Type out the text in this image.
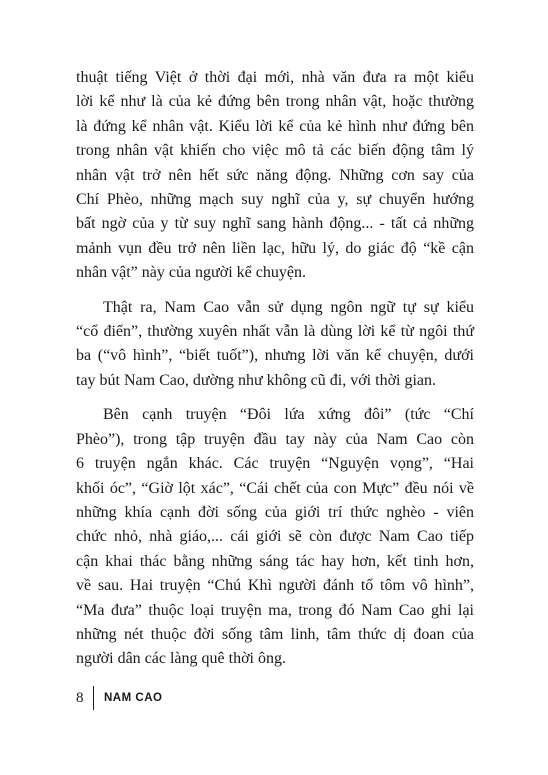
thuật tiếng Việt ở thời đại mới, nhà văn đưa ra một kiểu
lời kể như là của kẻ đứng bên trong nhân vật, hoặc thường
là đứng kể nhân vật. Kiểu lời kể của kẻ hình như đứng bên
trong nhân vật khiến cho việc mô tả các biến động tâm lý
nhân vật trở nên hết sức năng động. Những cơn say của
Chí Phèo, những mạch suy nghĩ của y, sự chuyển hướng
bất ngờ của y từ suy nghĩ sang hành động... - tất cả những
mảnh vụn đều trở nên liền lạc, hữu lý, do giác độ “kề cận
nhân vật” này của người kể chuyện.

Thật ra, Nam Cao vẫn sử dụng ngôn ngữ tự sự kiểu
“cổ điển”, thường xuyên nhất vẫn là dùng lời kể từ ngôi thứ
ba (“vô hình”, “biết tuốt”), nhưng lời văn kể chuyện, dưới
tay bút Nam Cao, dường như không cũ đi, với thời gian.

Bên cạnh truyện “Đôi lứa xứng đôi” (tức “Chí
Phèo”), trong tập truyện đầu tay này của Nam Cao còn
6 truyện ngắn khác. Các truyện “Nguyện vọng”, “Hai
khối óc”, “Giờ lột xác”, “Cái chết của con Mực” đều nói về
những khía cạnh đời sống của giới trí thức nghèo - viên
chức nhỏ, nhà giáo,... cái giới sẽ còn được Nam Cao tiếp
cận khai thác bằng những sáng tác hay hơn, kết tinh hơn,
về sau. Hai truyện “Chú Khì người đánh tổ tôm vô hình”,
“Ma đưa” thuộc loại truyện ma, trong đó Nam Cao ghi lại
những nét thuộc đời sống tâm linh, tâm thức dị đoan của
người dân các làng quê thời ông.

8 NAM CAO
